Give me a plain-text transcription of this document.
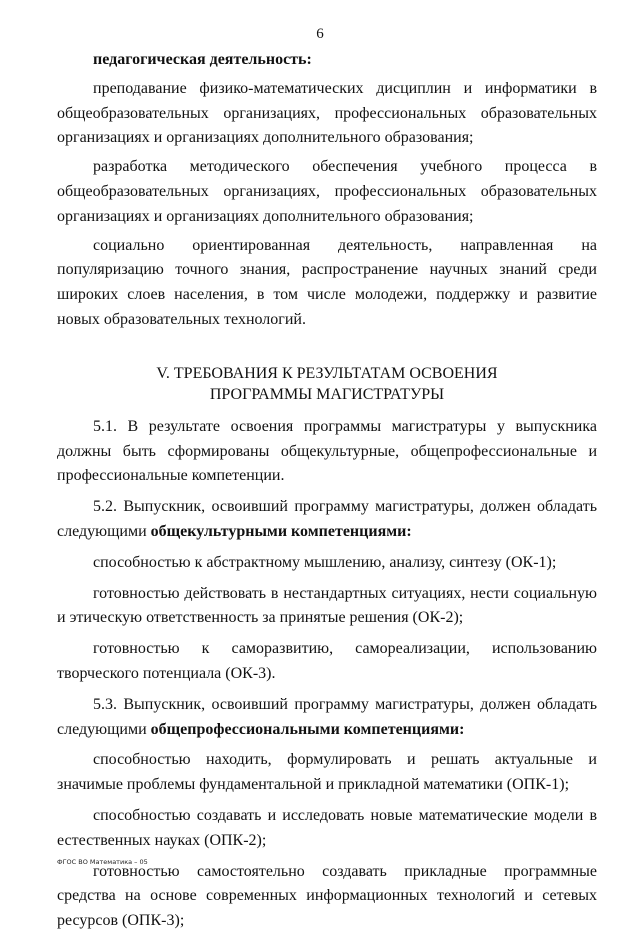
6

педагогическая деятельность:

преподавание физико-математических дисциплин и информатики в общеобразовательных организациях, профессиональных образовательных организациях и организациях дополнительного образования;

разработка методического обеспечения учебного процесса в общеобразовательных организациях, профессиональных образовательных организациях и организациях дополнительного образования;

социально ориентированная деятельность, направленная на популяризацию точного знания, распространение научных знаний среди широких слоев населения, в том числе молодежи, поддержку и развитие новых образовательных технологий.

V. ТРЕБОВАНИЯ К РЕЗУЛЬТАТАМ ОСВОЕНИЯ
ПРОГРАММЫ МАГИСТРАТУРЫ

5.1. В результате освоения программы магистратуры у выпускника должны быть сформированы общекультурные, общепрофессиональные и профессиональные компетенции.

5.2. Выпускник, освоивший программу магистратуры, должен обладать следующими общекультурными компетенциями:

способностью к абстрактному мышлению, анализу, синтезу (ОК-1);

готовностью действовать в нестандартных ситуациях, нести социальную и этическую ответственность за принятые решения (ОК-2);

готовностью к саморазвитию, самореализации, использованию творческого потенциала (ОК-3).

5.3. Выпускник, освоивший программу магистратуры, должен обладать следующими общепрофессиональными компетенциями:

способностью находить, формулировать и решать актуальные и значимые проблемы фундаментальной и прикладной математики (ОПК-1);

способностью создавать и исследовать новые математические модели в естественных науках (ОПК-2);

готовностью самостоятельно создавать прикладные программные средства на основе современных информационных технологий и сетевых ресурсов (ОПК-3);

ФГОС ВО Математика – 05
